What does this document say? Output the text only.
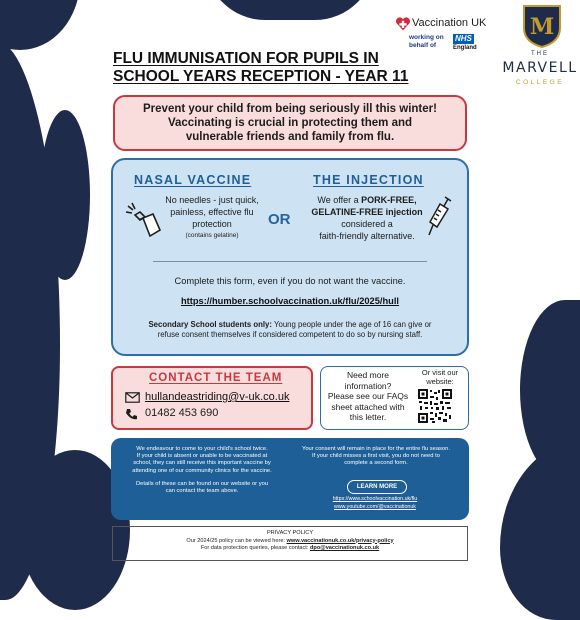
Vaccination UK
working on
behalf of
NHS
England
M
THE
MARVELL
COLLEGE
FLU IMMUNISATION FOR PUPILS IN
SCHOOL YEARS RECEPTION - YEAR 11
Prevent your child from being seriously ill this winter!
Vaccinating is crucial in protecting them and
vulnerable friends and family from flu.
NASAL VACCINE
No needles - just quick,
painless, effective flu
protection
(contains gelatine)
OR
THE INJECTION
We offer a PORK-FREE,
GELATINE-FREE injection
considered a
faith-friendly alternative.
Complete this form, even if you do not want the vaccine.
https://humber.schoolvaccination.uk/flu/2025/hull
Secondary School students only: Young people under the age of 16 can give or
refuse consent themselves if considered competent to do so by nursing staff.
CONTACT THE TEAM
hullandeastriding@v-uk.co.uk
01482 453 690
Need more
information?
Please see our FAQs
sheet attached with
this letter.
Or visit our
website:
We endeavour to come to your child's school twice.
If your child is absent or unable to be vaccinated at
school, they can still receive this important vaccine by
attending one of our community clinics for the vaccine.
Details of these can be found on our website or you
can contact the team above.
Your consent will remain in place for the entire flu season.
If your child misses a first visit, you do not need to
complete a second form.
LEARN MORE
https://www.schoolvaccination.uk/flu
www.youtube.com/@vaccinationuk
PRIVACY POLICY
Our 2024/25 policy can be viewed here: www.vaccinationuk.co.uk/privacy-policy
For data protection queries, please contact: dpo@vaccinationuk.co.uk
